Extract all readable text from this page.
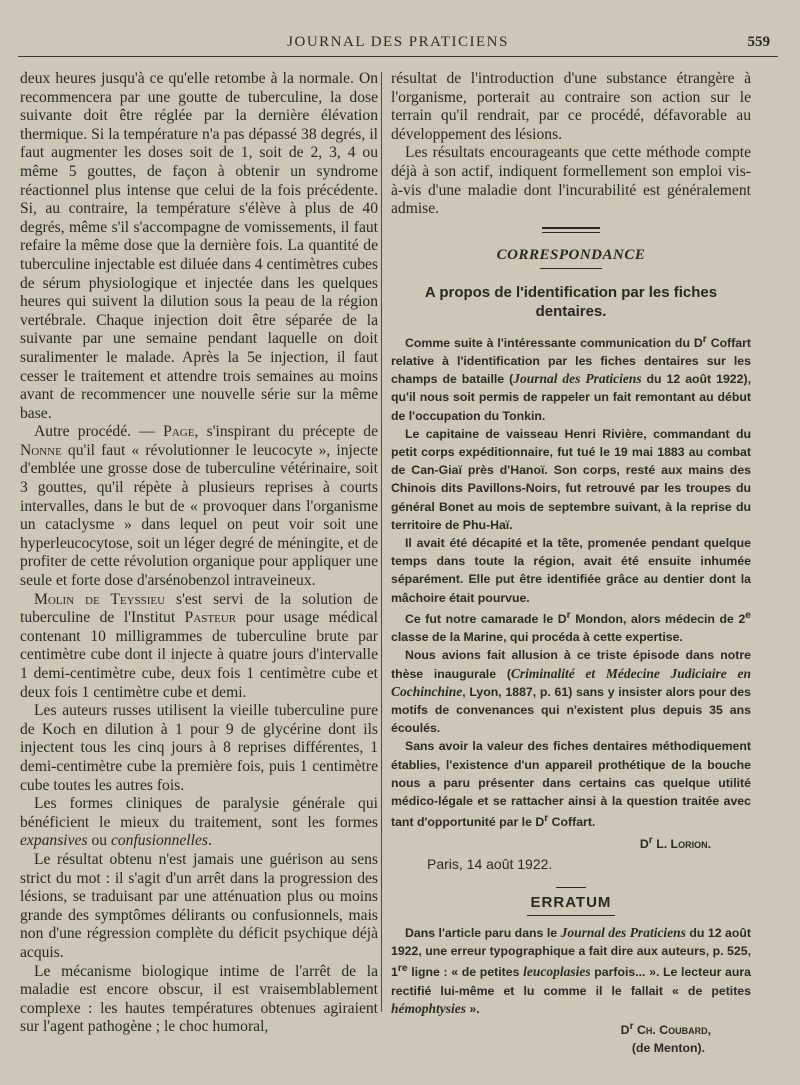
JOURNAL DES PRATICIENS	559

deux heures jusqu'à ce qu'elle retombe à la normale. On recommencera par une goutte de tuberculine, la dose suivante doit être réglée par la dernière élévation thermique. Si la température n'a pas dépassé 38 degrés, il faut augmenter les doses soit de 1, soit de 2, 3, 4 ou même 5 gouttes, de façon à obtenir un syndrome réactionnel plus intense que celui de la fois précédente. Si, au contraire, la température s'élève à plus de 40 degrés, même s'il s'accompagne de vomissements, il faut refaire la même dose que la dernière fois. La quantité de tuberculine injectable est diluée dans 4 centimètres cubes de sérum physiologique et injectée dans les quelques heures qui suivent la dilution sous la peau de la région vertébrale. Chaque injection doit être séparée de la suivante par une semaine pendant laquelle on doit suralimenter le malade. Après la 5e injection, il faut cesser le traitement et attendre trois semaines au moins avant de recommencer une nouvelle série sur la même base.

Autre procédé. — Page, s'inspirant du précepte de Nonne qu'il faut « révolutionner le leucocyte », injecte d'emblée une grosse dose de tuberculine vétérinaire, soit 3 gouttes, qu'il répète à plusieurs reprises à courts intervalles, dans le but de « provoquer dans l'organisme un cataclysme » dans lequel on peut voir soit une hyperleucocytose, soit un léger degré de méningite, et de profiter de cette révolution organique pour appliquer une seule et forte dose d'arsénobenzol intraveineux.

Molin de Teyssieu s'est servi de la solution de tuberculine de l'Institut Pasteur pour usage médical contenant 10 milligrammes de tuberculine brute par centimètre cube dont il injecte à quatre jours d'intervalle 1 demi-centimètre cube, deux fois 1 centimètre cube et deux fois 1 centimètre cube et demi.

Les auteurs russes utilisent la vieille tuberculine pure de Koch en dilution à 1 pour 9 de glycérine dont ils injectent tous les cinq jours à 8 reprises différentes, 1 demi-centimètre cube la première fois, puis 1 centimètre cube toutes les autres fois.

Les formes cliniques de paralysie générale qui bénéficient le mieux du traitement, sont les formes expansives ou confusionnelles.

Le résultat obtenu n'est jamais une guérison au sens strict du mot : il s'agit d'un arrêt dans la progression des lésions, se traduisant par une atténuation plus ou moins grande des symptômes délirants ou confusionnels, mais non d'une régression complète du déficit psychique déjà acquis.

Le mécanisme biologique intime de l'arrêt de la maladie est encore obscur, il est vraisemblablement complexe : les hautes températures obtenues agiraient sur l'agent pathogène ; le choc humoral,

résultat de l'introduction d'une substance étrangère à l'organisme, porterait au contraire son action sur le terrain qu'il rendrait, par ce procédé, défavorable au développement des lésions.

Les résultats encourageants que cette méthode compte déjà à son actif, indiquent formellement son emploi vis-à-vis d'une maladie dont l'incurabilité est généralement admise.

CORRESPONDANCE
A propos de l'identification par les fiches dentaires.

Comme suite à l'intéressante communication du $D^r$ Coffart relative à l'identification par les fiches dentaires sur les champs de bataille (Journal des Praticiens du 12 août 1922), qu'il nous soit permis de rappeler un fait remontant au début de l'occupation du Tonkin.

Le capitaine de vaisseau Henri Rivière, commandant du petit corps expéditionnaire, fut tué le 19 mai 1883 au combat de Can-Giaï près d'Hanoï. Son corps, resté aux mains des Chinois dits Pavillons-Noirs, fut retrouvé par les troupes du général Bonet au mois de septembre suivant, à la reprise du territoire de Phu-Haï.

Il avait été décapité et la tête, promenée pendant quelque temps dans toute la région, avait été ensuite inhumée séparément. Elle put être identifiée grâce au dentier dont la mâchoire était pourvue.

Ce fut notre camarade le $D^r$ Mondon, alors médecin de 2e classe de la Marine, qui procéda à cette expertise.

Nous avions fait allusion à ce triste épisode dans notre thèse inaugurale (Criminalité et Médecine Judiciaire en Cochinchine, Lyon, 1887, p. 61) sans y insister alors pour des motifs de convenances qui n'existent plus depuis 35 ans écoulés.

Sans avoir la valeur des fiches dentaires méthodiquement établies, l'existence d'un appareil prothétique de la bouche nous a paru présenter dans certains cas quelque utilité médico-légale et se rattacher ainsi à la question traitée avec tant d'opportunité par le $D^r$ Coffart.

$D^r$ L. Lorion.

Paris, 14 août 1922.
ERRATUM

Dans l'article paru dans le Journal des Praticiens du 12 août 1922, une erreur typographique a fait dire aux auteurs, p. 525, 1re ligne : « de petites leucoplasies parfois... ». Le lecteur aura rectifié lui-même et lu comme il le fallait « de petites hémophtysies ».

$D^r$ Ch. Coubard,

(de Menton).
